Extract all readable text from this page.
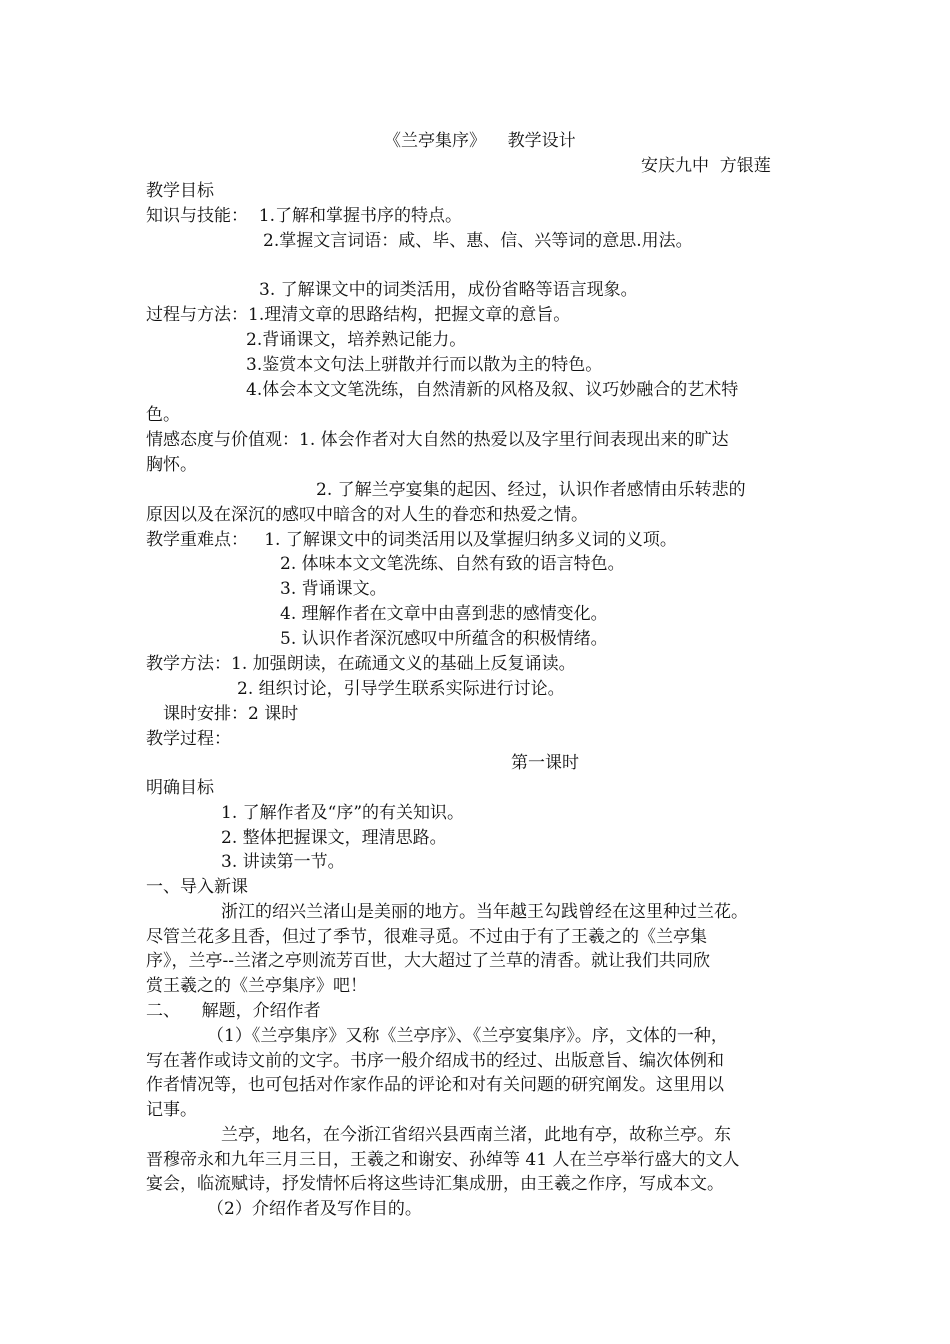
《兰亭集序》    教学设计
安庆九中  方银莲
教学目标
知识与技能：  1.了解和掌握书序的特点。
2.掌握文言词语：咸、毕、惠、信、兴等词的意思.用法。
3. 了解课文中的词类活用，成份省略等语言现象。
过程与方法：1.理清文章的思路结构，把握文章的意旨。
2.背诵课文，培养熟记能力。
3.鉴赏本文句法上骈散并行而以散为主的特色。
4.体会本文文笔洗练，自然清新的风格及叙、议巧妙融合的艺术特
色。
情感态度与价值观：1. 体会作者对大自然的热爱以及字里行间表现出来的旷达
胸怀。
2. 了解兰亭宴集的起因、经过，认识作者感情由乐转悲的
原因以及在深沉的感叹中暗含的对人生的眷恋和热爱之情。
教学重难点：   1. 了解课文中的词类活用以及掌握归纳多义词的义项。
2. 体味本文文笔洗练、自然有致的语言特色。
3. 背诵课文。
4. 理解作者在文章中由喜到悲的感情变化。
5. 认识作者深沉感叹中所蕴含的积极情绪。
教学方法：1. 加强朗读，在疏通文义的基础上反复诵读。
2. 组织讨论，引导学生联系实际进行讨论。
课时安排：2 课时
教学过程：
第一课时
明确目标
1. 了解作者及“序”的有关知识。
2. 整体把握课文，理清思路。
3. 讲读第一节。
一、导入新课
浙江的绍兴兰渚山是美丽的地方。当年越王勾践曾经在这里种过兰花。
尽管兰花多且香，但过了季节，很难寻觅。不过由于有了王羲之的《兰亭集
序》，兰亭--兰渚之亭则流芳百世，大大超过了兰草的清香。就让我们共同欣
赏王羲之的《兰亭集序》吧！
二、    解题，介绍作者
（1）《兰亭集序》又称《兰亭序》、《兰亭宴集序》。序，文体的一种，
写在著作或诗文前的文字。书序一般介绍成书的经过、出版意旨、编次体例和
作者情况等，也可包括对作家作品的评论和对有关问题的研究阐发。这里用以
记事。
兰亭，地名，在今浙江省绍兴县西南兰渚，此地有亭，故称兰亭。东
晋穆帝永和九年三月三日，王羲之和谢安、孙绰等 41 人在兰亭举行盛大的文人
宴会，临流赋诗，抒发情怀后将这些诗汇集成册，由王羲之作序，写成本文。
（2）介绍作者及写作目的。
